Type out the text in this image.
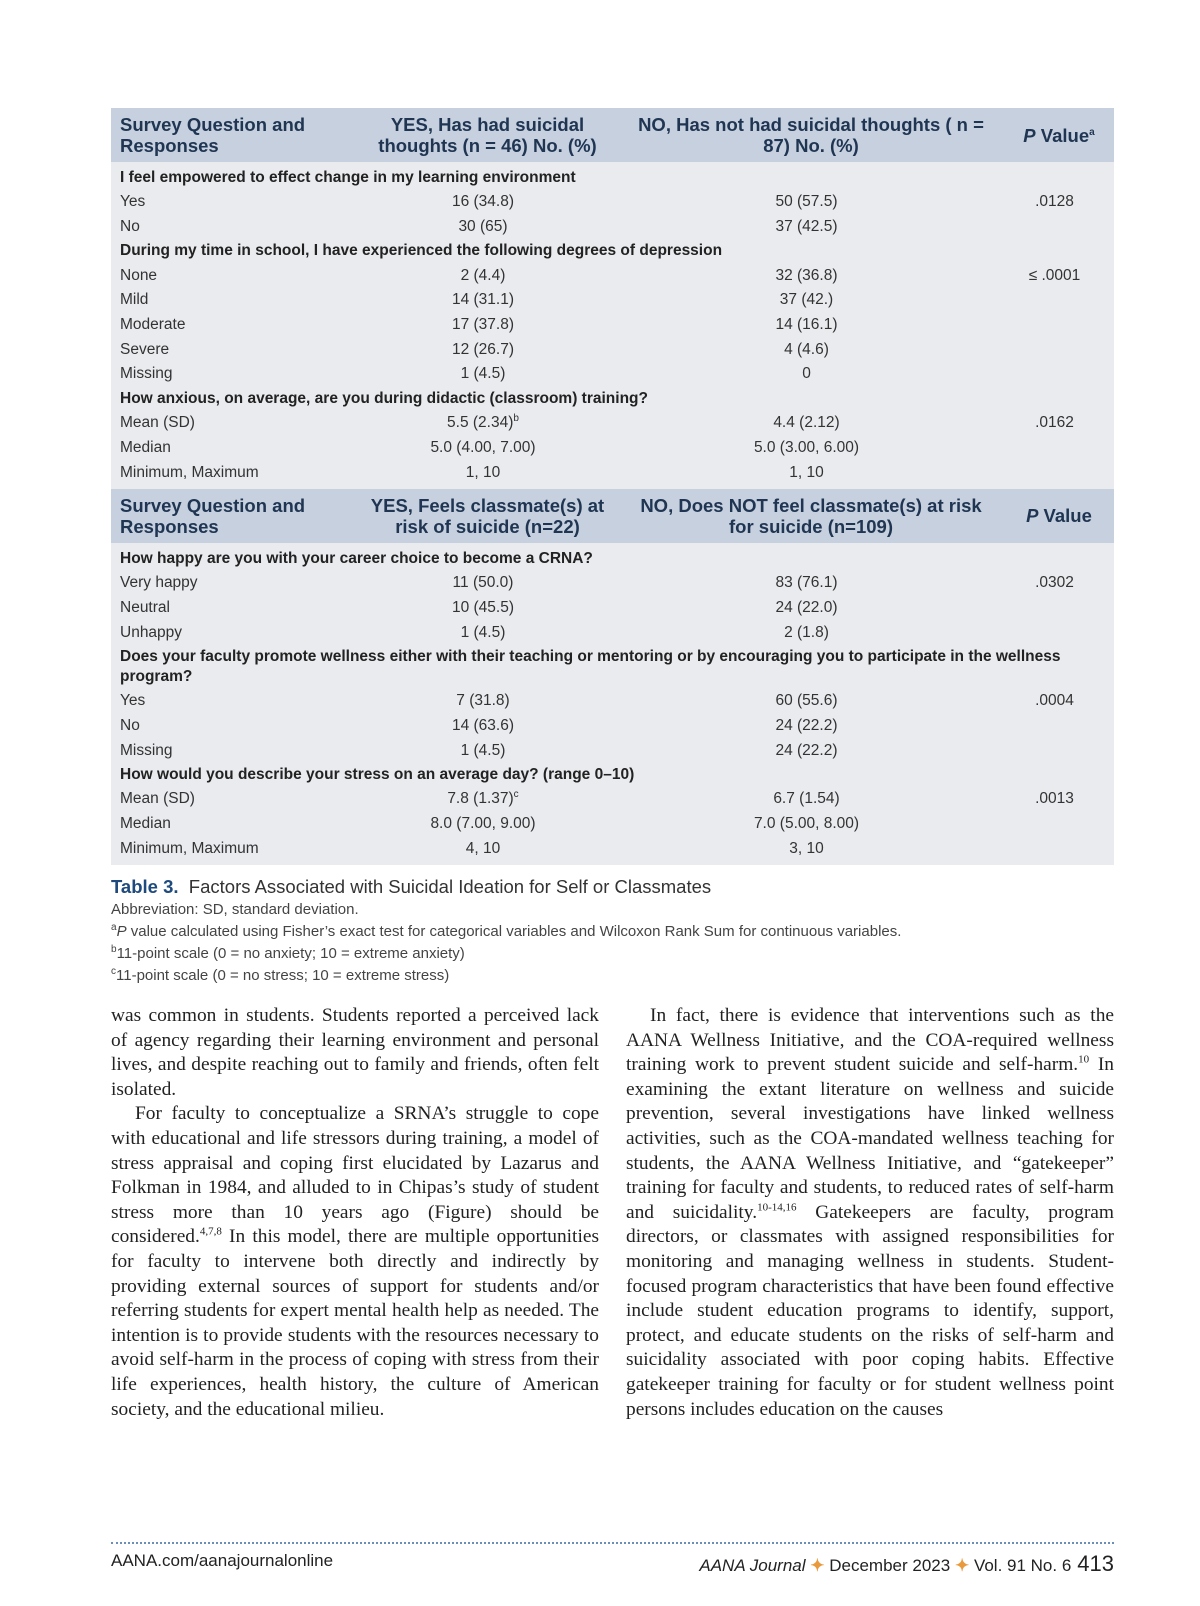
Survey Question and Responses	YES, Has had suicidal thoughts (n = 46) No. (%)	NO, Has not had suicidal thoughts ( n = 87) No. (%)	P Value$^a$

I feel empowered to effect change in my learning environment			
Yes	16 (34.8)	50 (57.5)	.0128
No	30 (65)	37 (42.5)	
During my time in school, I have experienced the following degrees of depression			
None	2 (4.4)	32 (36.8)	≤ .0001
Mild	14 (31.1)	37 (42.)	
Moderate	17 (37.8)	14 (16.1)	
Severe	12 (26.7)	4 (4.6)	
Missing	1 (4.5)	0	
How anxious, on average, are you during didactic (classroom) training?			
Mean (SD)	5.5 $(2.34)^b$	4.4 (2.12)	.0162
Median	5.0 (4.00, 7.00)	5.0 (3.00, 6.00)	
Minimum, Maximum	1, 10	1, 10	

Survey Question and Responses	YES, Feels classmate(s) at risk of suicide (n=22)	NO, Does NOT feel classmate(s) at risk for suicide (n=109)	P Value

How happy are you with your career choice to become a CRNA?			
Very happy	11 (50.0)	83 (76.1)	.0302
Neutral	10 (45.5)	24 (22.0)	
Unhappy	1 (4.5)	2 (1.8)	
Does your faculty promote wellness either with their teaching or mentoring or by encouraging you to participate in the wellness program?			
Yes	7 (31.8)	60 (55.6)	.0004
No	14 (63.6)	24 (22.2)	
Missing	1 (4.5)	24 (22.2)	
How would you describe your stress on an average day? (range 0–10)			
Mean (SD)	7.8 $(1.37)^c$	6.7 (1.54)	.0013
Median	8.0 (7.00, 9.00)	7.0 (5.00, 8.00)	
Minimum, Maximum	4, 10	3, 10	

Table 3. Factors Associated with Suicidal Ideation for Self or Classmates
Abbreviation: SD, standard deviation.
$^a$P value calculated using Fisher’s exact test for categorical variables and Wilcoxon Rank Sum for continuous variables.
$^b$11-point scale (0 = no anxiety; 10 = extreme anxiety)
$^c$11-point scale (0 = no stress; 10 = extreme stress)

was common in students. Students reported a perceived lack of agency regarding their learning environment and personal lives, and despite reaching out to family and friends, often felt isolated.

For faculty to conceptualize a SRNA’s struggle to cope with educational and life stressors during training, a model of stress appraisal and coping first elucidated by Lazarus and Folkman in 1984, and alluded to in Chipas’s study of student stress more than 10 years ago (Figure) should be considered.$^{4,7,8}$ In this model, there are multiple opportunities for faculty to intervene both directly and indirectly by providing external sources of support for students and/or referring students for expert mental health help as needed. The intention is to provide students with the resources necessary to avoid self-harm in the process of coping with stress from their life experiences, health history, the culture of American society, and the educational milieu.

In fact, there is evidence that interventions such as the AANA Wellness Initiative, and the COA-required wellness training work to prevent student suicide and self-harm.$^{10}$ In examining the extant literature on wellness and suicide prevention, several investigations have linked wellness activities, such as the COA-mandated wellness teaching for students, the AANA Wellness Initiative, and “gatekeeper” training for faculty and students, to reduced rates of self-harm and suicidality.$^{10-14,16}$ Gatekeepers are faculty, program directors, or classmates with assigned responsibilities for monitoring and managing wellness in students. Student-focused program characteristics that have been found effective include student education programs to identify, support, protect, and educate students on the risks of self-harm and suicidality associated with poor coping habits. Effective gatekeeper training for faculty or for student wellness point persons includes education on the causes

AANA.com/aanajournalonline	AANA Journal ✦ December 2023 ✦ Vol. 91 No. 6 413
